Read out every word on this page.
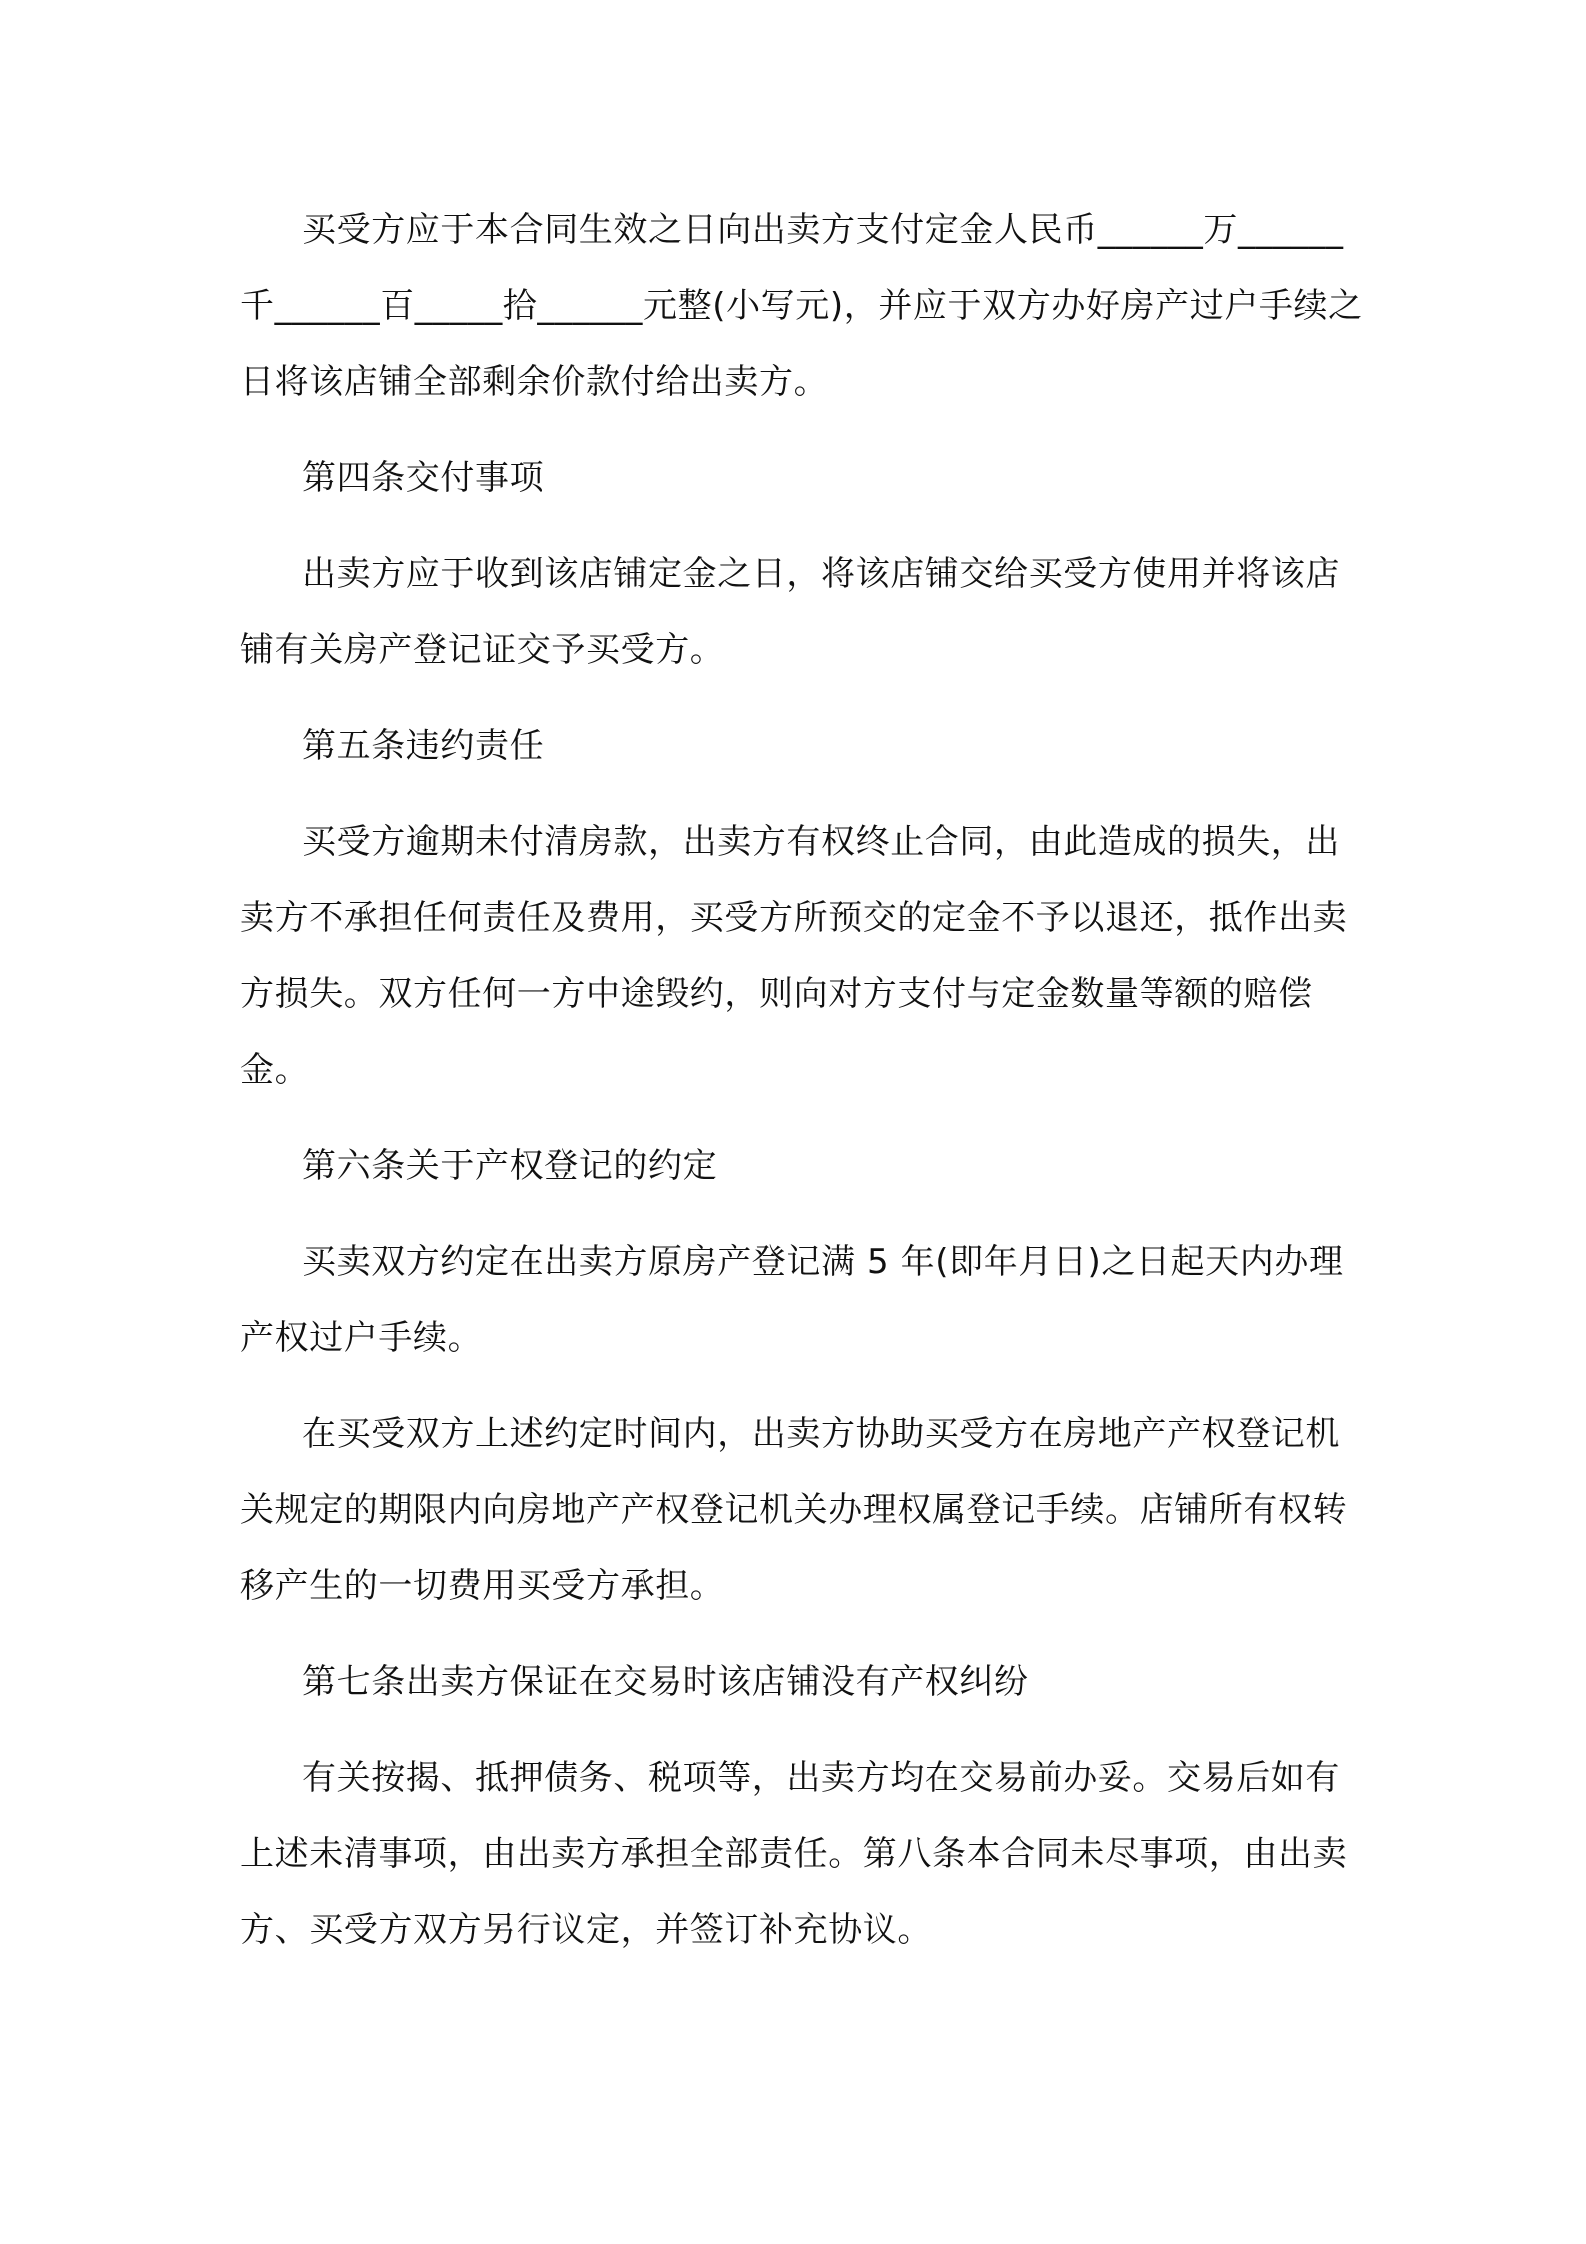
买受方应于本合同生效之日向出卖方支付定金人民币______万______千______百_____拾______元整(小写元)，并应于双方办好房产过户手续之日将该店铺全部剩余价款付给出卖方。

第四条交付事项

出卖方应于收到该店铺定金之日，将该店铺交给买受方使用并将该店铺有关房产登记证交予买受方。

第五条违约责任

买受方逾期未付清房款，出卖方有权终止合同，由此造成的损失，出卖方不承担任何责任及费用，买受方所预交的定金不予以退还，抵作出卖方损失。双方任何一方中途毁约，则向对方支付与定金数量等额的赔偿金。

第六条关于产权登记的约定

买卖双方约定在出卖方原房产登记满 5 年(即年月日)之日起天内办理产权过户手续。

在买受双方上述约定时间内，出卖方协助买受方在房地产产权登记机关规定的期限内向房地产产权登记机关办理权属登记手续。店铺所有权转移产生的一切费用买受方承担。

第七条出卖方保证在交易时该店铺没有产权纠纷

有关按揭、抵押债务、税项等，出卖方均在交易前办妥。交易后如有上述未清事项，由出卖方承担全部责任。第八条本合同未尽事项，由出卖方、买受方双方另行议定，并签订补充协议。
